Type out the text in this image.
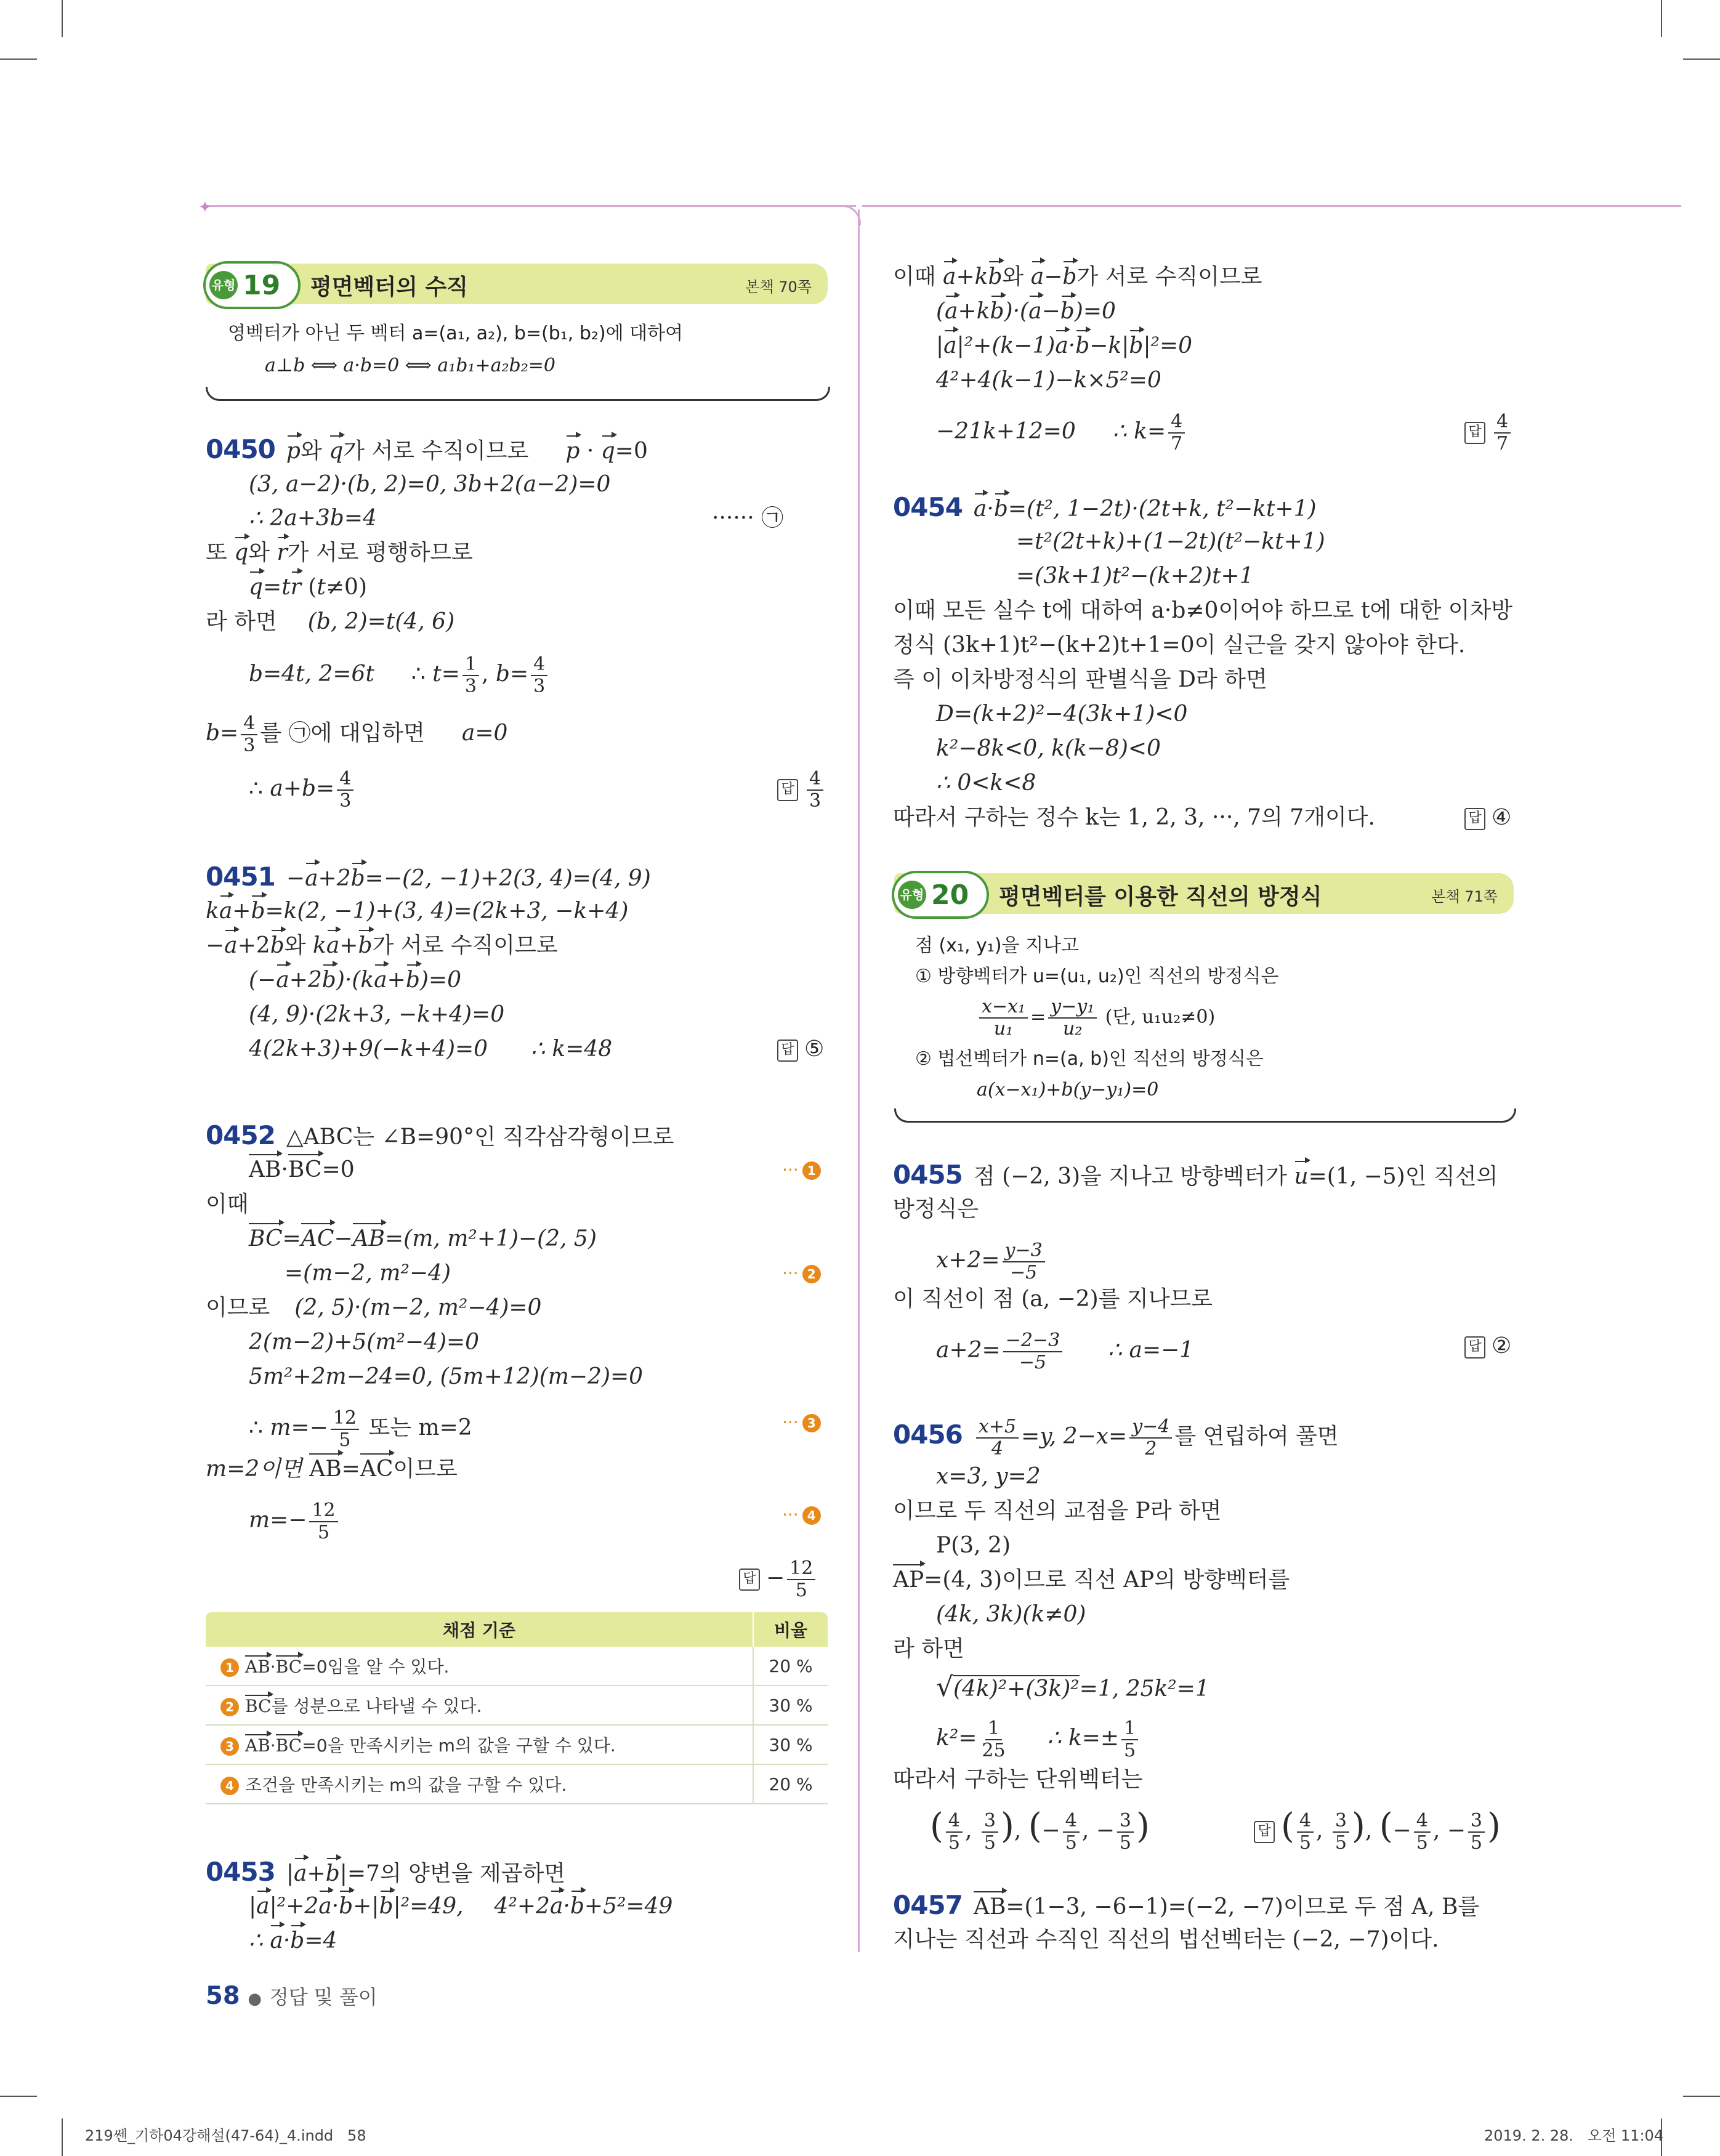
✦
유형 19 평면벡터의 수직	본책 70쪽
영벡터가 아닌 두 벡터 a=(a₁, a₂), b=(b₁, b₂)에 대하여
a⊥b ⟺ a·b=0 ⟺ a₁b₁+a₂b₂=0
0450 p와 q가 서로 수직이므로 p · q=0
(3, a−2)·(b, 2)=0, 3b+2(a−2)=0
∴ 2a+3b=4	······ ㉠
또 q와 r가 서로 평행하므로
q=tr (t≠0)
라 하면 (b, 2)=t(4, 6)
b=4t, 2=6t ∴ $t= \frac{1}{3}$ , $b= \frac{4}{3}$
$b= \frac{4}{3}$ 를 ㉠에 대입하면 a=0
∴ $a+b= \frac{4}{3}$	답 $\frac{4}{3}$
0451 −a+2b=−(2, −1)+2(3, 4)=(4, 9)
ka+b=k(2, −1)+(3, 4)=(2k+3, −k+4)
−a+2b와 ka+b가 서로 수직이므로
(−a+2b)·(ka+b)=0
(4, 9)·(2k+3, −k+4)=0
4(2k+3)+9(−k+4)=0 ∴ k=48	답 ⑤
0452 △ABC는 ∠B=90°인 직각삼각형이므로
AB·BC=0	··· 1
이때
BC=AC−AB=(m, m²+1)−(2, 5)
=(m−2, m²−4)	··· 2
이므로 (2, 5)·(m−2, m²−4)=0
2(m−2)+5(m²−4)=0
5m²+2m−24=0, (5m+12)(m−2)=0
∴ $m=- \frac{12}{5}$ 또는 m=2	··· 3
m=2이면 AB=AC이므로
$m=- \frac{12}{5}$	··· 4
답 − $\frac{12}{5}$
채점 기준	비율
1 AB·BC=0임을 알 수 있다.	20 %
2 BC를 성분으로 나타낼 수 있다.	30 %
3 AB·BC=0을 만족시키는 m의 값을 구할 수 있다.	30 %
4 조건을 만족시키는 m의 값을 구할 수 있다.	20 %
0453 |a+b|=7의 양변을 제곱하면
|a|²+2a·b+|b|²=49, 4²+2a·b+5²=49
∴ a·b=4
58 ● 정답 및 풀이
이때 a+kb와 a−b가 서로 수직이므로
(a+kb)·(a−b)=0
|a|²+(k−1)a·b−k|b|²=0
4²+4(k−1)−k×5²=0
−21k+12=0 ∴ $k= \frac{4}{7}$	답 $\frac{4}{7}$
0454 a·b=(t², 1−2t)·(2t+k, t²−kt+1)
=t²(2t+k)+(1−2t)(t²−kt+1)
=(3k+1)t²−(k+2)t+1
이때 모든 실수 t에 대하여 a·b≠0이어야 하므로 t에 대한 이차방
정식 (3k+1)t²−(k+2)t+1=0이 실근을 갖지 않아야 한다.
즉 이 이차방정식의 판별식을 D라 하면
D=(k+2)²−4(3k+1)<0
k²−8k<0, k(k−8)<0
∴ 0<k<8
따라서 구하는 정수 k는 1, 2, 3, ···, 7의 7개이다.	답 ④
유형 20 평면벡터를 이용한 직선의 방정식	본책 71쪽
점 (x₁, y₁)을 지나고
① 방향벡터가 u=(u₁, u₂)인 직선의 방정식은
$\frac{\text{x−x₁}}{\text{u₁}} = \frac{\text{y−y₁}}{\text{u₂}}$ (단, u₁u₂≠0)
② 법선벡터가 n=(a, b)인 직선의 방정식은
a(x−x₁)+b(y−y₁)=0
0455 점 (−2, 3)을 지나고 방향벡터가 u=(1, −5)인 직선의
방정식은
$x+2= \frac{y-3}{-5}$
이 직선이 점 (a, −2)를 지나므로
$a+2= \frac{-2-3}{-5}$ ∴ a=−1	답 ②
$0456 \frac{x+5}{4} =y$, $2-x= \frac{y-4}{2}$ 를 연립하여 풀면
x=3, y=2
이므로 두 직선의 교점을 P라 하면
P(3, 2)
AP=(4, 3)이므로 직선 AP의 방향벡터를
(4k, 3k)(k≠0)
라 하면
√(4k)²+(3k)²=1, 25k²=1
$k^2= \frac{1}{25}$ ∴ $k=\pm \frac{1}{5}$
따라서 구하는 단위벡터는
( $\frac{4}{5}$ , $\frac{3}{5}$ ), (− $\frac{4}{5}$ , − $\frac{3}{5}$ )	답 ( $\frac{4}{5}$ , $\frac{3}{5}$ ), (− $\frac{4}{5}$ , − $\frac{3}{5}$ )
0457 AB=(1−3, −6−1)=(−2, −7)이므로 두 점 A, B를
지나는 직선과 수직인 직선의 법선벡터는 (−2, −7)이다.
219쎈_기하04강해설(47-64)_4.indd   58	2019. 2. 28.   오전 11:04
